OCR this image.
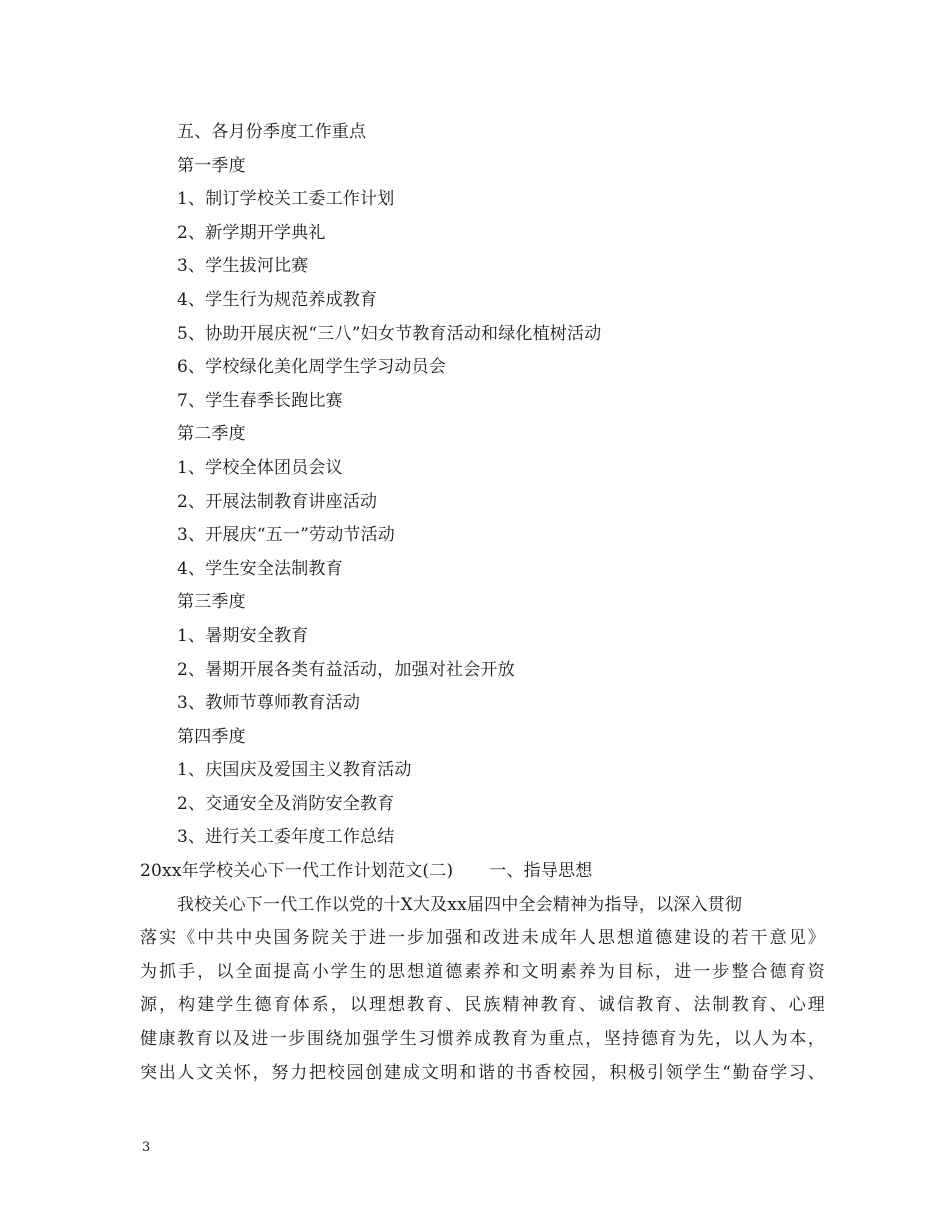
五、各月份季度工作重点
第一季度
1、制订学校关工委工作计划
2、新学期开学典礼
3、学生拔河比赛
4、学生行为规范养成教育
5、协助开展庆祝“三八”妇女节教育活动和绿化植树活动
6、学校绿化美化周学生学习动员会
7、学生春季长跑比赛
第二季度
1、学校全体团员会议
2、开展法制教育讲座活动
3、开展庆“五一”劳动节活动
4、学生安全法制教育
第三季度
1、暑期安全教育
2、暑期开展各类有益活动，加强对社会开放
3、教师节尊师教育活动
第四季度
1、庆国庆及爱国主义教育活动
2、交通安全及消防安全教育
3、进行关工委年度工作总结
20xx年学校关心下一代工作计划范文(二) 一、指导思想
我校关心下一代工作以党的十X大及xx届四中全会精神为指导，以深入贯彻
落实《中共中央国务院关于进一步加强和改进未成年人思想道德建设的若干意见》
为抓手，以全面提高小学生的思想道德素养和文明素养为目标，进一步整合德育资
源，构建学生德育体系，以理想教育、民族精神教育、诚信教育、法制教育、心理
健康教育以及进一步围绕加强学生习惯养成教育为重点，坚持德育为先，以人为本，
突出人文关怀，努力把校园创建成文明和谐的书香校园，积极引领学生“勤奋学习、
3
